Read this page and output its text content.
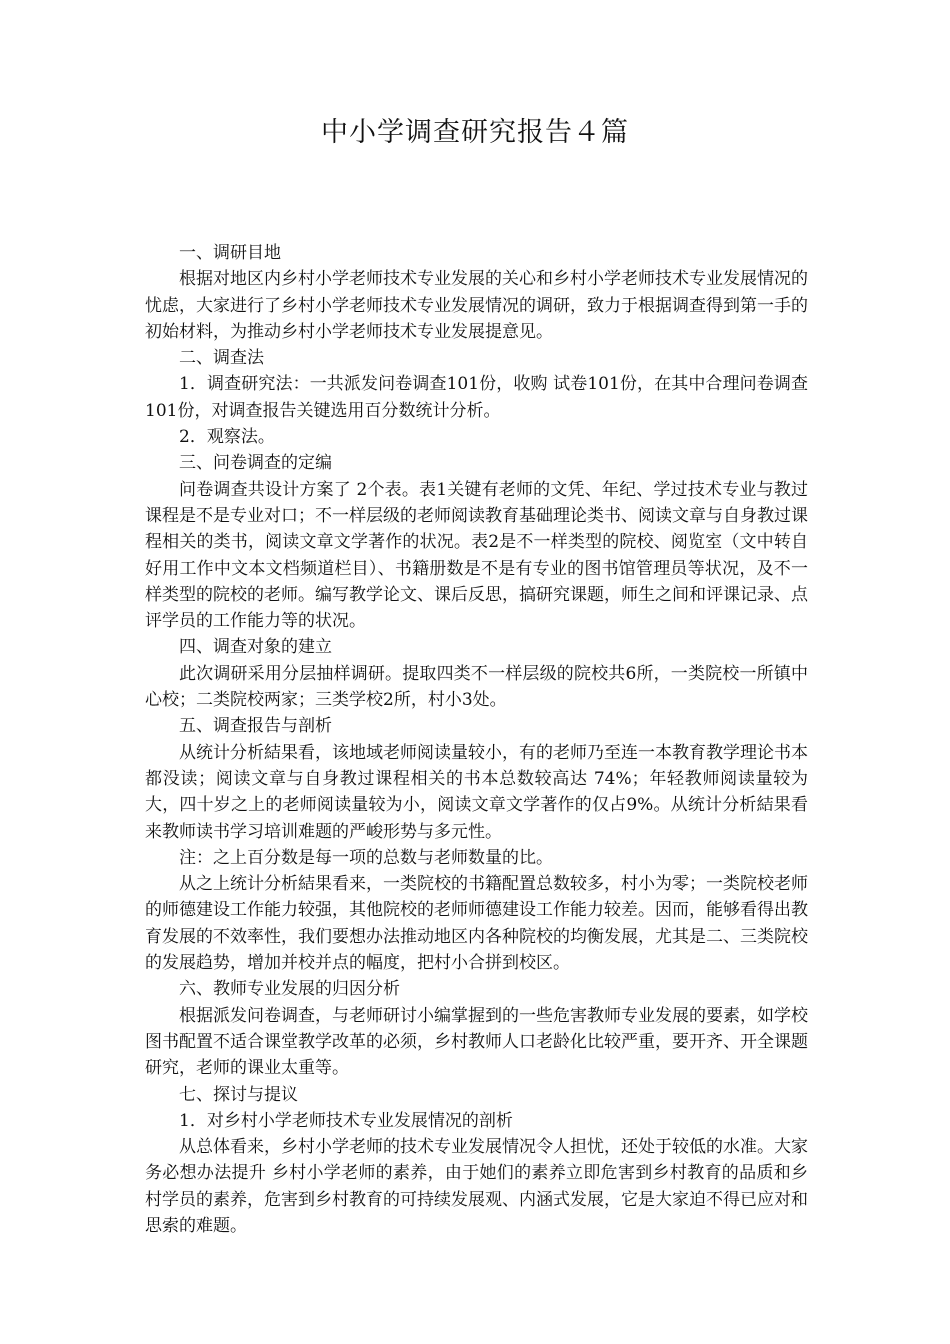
中小学调查研究报告４篇

一、调研目地

根据对地区内乡村小学老师技术专业发展的关心和乡村小学老师技术专业发展情况的忧虑，大家进行了乡村小学老师技术专业发展情况的调研，致力于根据调查得到第一手的初始材料，为推动乡村小学老师技术专业发展提意见。

二、调查法

1．调查研究法：一共派发问卷调查101份，收购 试卷101份，在其中合理问卷调查101份，对调查报告关键选用百分数统计分析。

2．观察法。

三、问卷调查的定编

问卷调查共设计方案了 2个表。表1关键有老师的文凭、年纪、学过技术专业与教过课程是不是专业对口；不一样层级的老师阅读教育基础理论类书、阅读文章与自身教过课程相关的类书，阅读文章文学著作的状况。表2是不一样类型的院校、阅览室（文中转自好用工作中文本文档频道栏目）、书籍册数是不是有专业的图书馆管理员等状况，及不一样类型的院校的老师。编写教学论文、课后反思，搞研究课题，师生之间和评课记录、点评学员的工作能力等的状况。

四、调查对象的建立

此次调研采用分层抽样调研。提取四类不一样层级的院校共6所，一类院校一所镇中心校；二类院校两家；三类学校2所，村小3处。

五、调查报告与剖析

从统计分析結果看，该地域老师阅读量较小，有的老师乃至连一本教育教学理论书本都没读；阅读文章与自身教过课程相关的书本总数较高达 74%；年轻教师阅读量较为大，四十岁之上的老师阅读量较为小，阅读文章文学著作的仅占9%。从统计分析結果看来教师读书学习培训难题的严峻形势与多元性。

注：之上百分数是每一项的总数与老师数量的比。

从之上统计分析結果看来，一类院校的书籍配置总数较多，村小为零；一类院校老师的师德建设工作能力较强，其他院校的老师师德建设工作能力较差。因而，能够看得出教育发展的不效率性，我们要想办法推动地区内各种院校的均衡发展，尤其是二、三类院校的发展趋势，增加并校并点的幅度，把村小合拼到校区。

六、教师专业发展的归因分析

根据派发问卷调查，与老师研讨小编掌握到的一些危害教师专业发展的要素，如学校图书配置不适合课堂教学改革的必须，乡村教师人口老龄化比较严重，要开齐、开全课题研究，老师的课业太重等。

七、探讨与提议

1．对乡村小学老师技术专业发展情况的剖析

从总体看来，乡村小学老师的技术专业发展情况令人担忧，还处于较低的水准。大家务必想办法提升 乡村小学老师的素养，由于她们的素养立即危害到乡村教育的品质和乡村学员的素养，危害到乡村教育的可持续发展观、内涵式发展，它是大家迫不得已应对和思索的难题。
